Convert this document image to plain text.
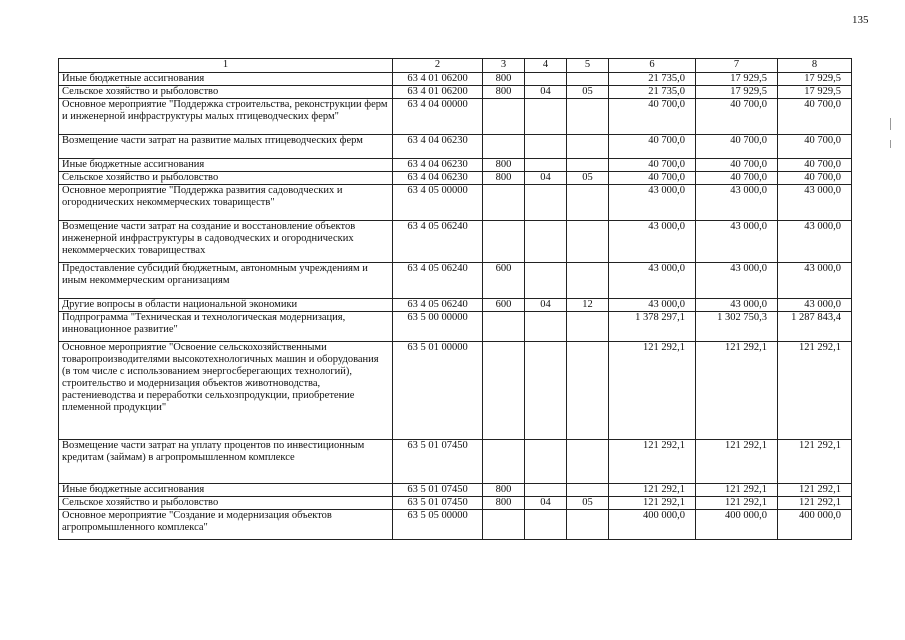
135
1	2	3	4	5	6	7	8
Иные бюджетные ассигнования	63 4 01 06200	800			21 735,0	17 929,5	17 929,5
Сельское хозяйство и рыболовство	63 4 01 06200	800	04	05	21 735,0	17 929,5	17 929,5
Основное мероприятие "Поддержка строительства, реконструкции ферм и инженерной инфраструктуры малых птицеводческих ферм"	63 4 04 00000				40 700,0	40 700,0	40 700,0
Возмещение части затрат на развитие малых птицеводческих ферм	63 4 04 06230				40 700,0	40 700,0	40 700,0
Иные бюджетные ассигнования	63 4 04 06230	800			40 700,0	40 700,0	40 700,0
Сельское хозяйство и рыболовство	63 4 04 06230	800	04	05	40 700,0	40 700,0	40 700,0
Основное мероприятие "Поддержка развития садоводческих и огороднических некоммерческих товариществ"	63 4 05 00000				43 000,0	43 000,0	43 000,0
Возмещение части затрат на создание и восстановление объектов инженерной инфраструктуры в садоводческих и огороднических некоммерческих товариществах	63 4 05 06240				43 000,0	43 000,0	43 000,0
Предоставление субсидий бюджетным, автономным учреждениям и иным некоммерческим организациям	63 4 05 06240	600			43 000,0	43 000,0	43 000,0
Другие вопросы в области национальной экономики	63 4 05 06240	600	04	12	43 000,0	43 000,0	43 000,0
Подпрограмма "Техническая и технологическая модернизация, инновационное развитие"	63 5 00 00000				1 378 297,1	1 302 750,3	1 287 843,4
Основное мероприятие "Освоение сельскохозяйственными товаропроизводителями высокотехнологичных машин и оборудования (в том числе с использованием энергосберегающих технологий), строительство и модернизация объектов животноводства, растениеводства и переработки сельхозпродукции, приобретение племенной продукции"	63 5 01 00000				121 292,1	121 292,1	121 292,1
Возмещение части затрат на уплату процентов по инвестиционным кредитам (займам) в агропромышленном комплексе	63 5 01 07450				121 292,1	121 292,1	121 292,1
Иные бюджетные ассигнования	63 5 01 07450	800			121 292,1	121 292,1	121 292,1
Сельское хозяйство и рыболовство	63 5 01 07450	800	04	05	121 292,1	121 292,1	121 292,1
Основное мероприятие "Создание и модернизация объектов агропромышленного комплекса"	63 5 05 00000				400 000,0	400 000,0	400 000,0
